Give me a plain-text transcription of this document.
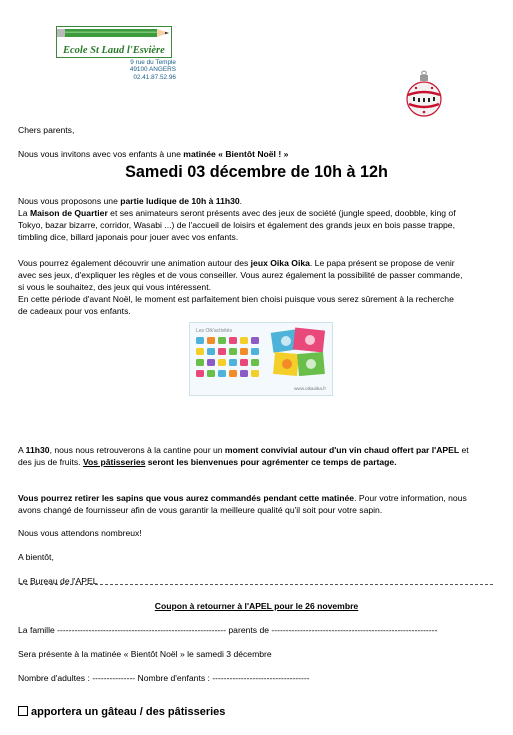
Ecole St Laud l'Esvière
9 rue du Temple
49100 ANGERS
02.41.87.52.96
Chers parents,
Nous vous invitons avec vos enfants à une matinée « Bientôt Noël ! »
Samedi 03 décembre de 10h à 12h
Nous vous proposons une partie ludique de 10h à 11h30.
La Maison de Quartier et ses animateurs seront présents avec des jeux de société (jungle speed, doobble, king of
Tokyo, bazar bizarre, corridor, Wasabi ...) de l'accueil de loisirs et également des grands jeux en bois passe trappe,
timbling dice, billard japonais pour jouer avec vos enfants.
Vous pourrez également découvrir une animation autour des jeux Oika Oika. Le papa présent se propose de venir
avec ses jeux, d'expliquer les règles et de vous conseiller. Vous aurez également la possibilité de passer commande,
si vous le souhaitez, des jeux qui vous intéressent.
En cette période d'avant Noël, le moment est parfaitement bien choisi puisque vous serez sûrement à la recherche
de cadeaux pour vos enfants.
Les Oik'activités
www.oikaoika.fr
A 11h30, nous nous retrouverons à la cantine pour un moment convivial autour d'un vin chaud offert par l'APEL et
des jus de fruits. Vos pâtisseries seront les bienvenues pour agrémenter ce temps de partage.
Vous pourrez retirer les sapins que vous aurez commandés pendant cette matinée. Pour votre information, nous
avons changé de fournisseur afin de vous garantir la meilleure qualité qu'il soit pour votre sapin.
Nous vous attendons nombreux!
A bientôt,
Le Bureau de l'APEL
Coupon à retourner à l'APEL pour le 26 novembre
La famille ----------------------------------------------------------- parents de ----------------------------------------------------------
Sera présente à la matinée « Bientôt Noël » le samedi 3 décembre
Nombre d'adultes : --------------- Nombre d'enfants : ----------------------------------
apportera un gâteau / des pâtisseries
